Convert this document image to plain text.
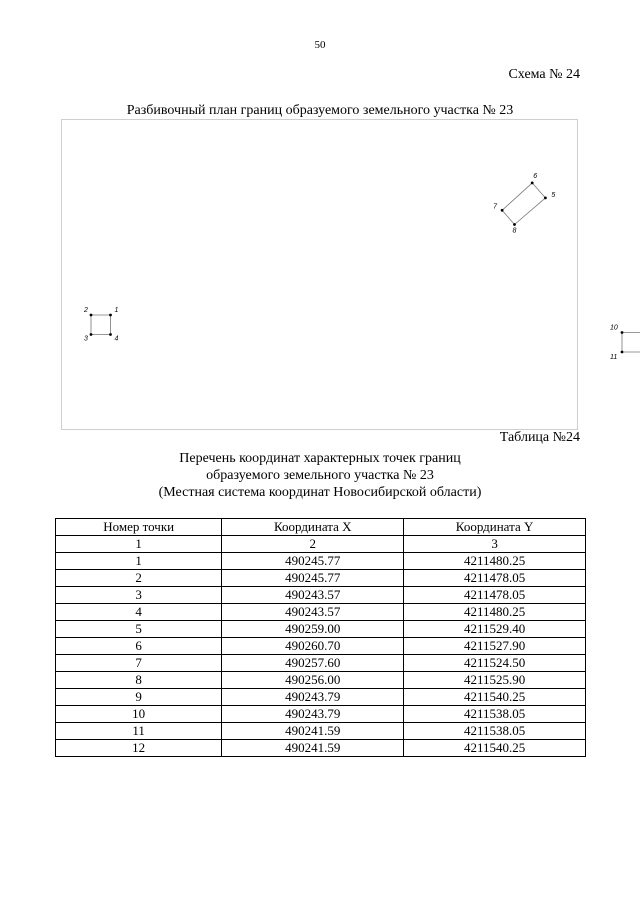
50
Схема № 24
Разбивочный план границ образуемого земельного участка № 23
1
2
3	4
5
6
7
8
10
11
Таблица №24
Перечень координат характерных точек границ
образуемого земельного участка № 23
(Местная система координат Новосибирской области)
Номер точки	Координата X	Координата Y
1	2	3
1	490245.77	4211480.25
2	490245.77	4211478.05
3	490243.57	4211478.05
4	490243.57	4211480.25
5	490259.00	4211529.40
6	490260.70	4211527.90
7	490257.60	4211524.50
8	490256.00	4211525.90
9	490243.79	4211540.25
10	490243.79	4211538.05
11	490241.59	4211538.05
12	490241.59	4211540.25
